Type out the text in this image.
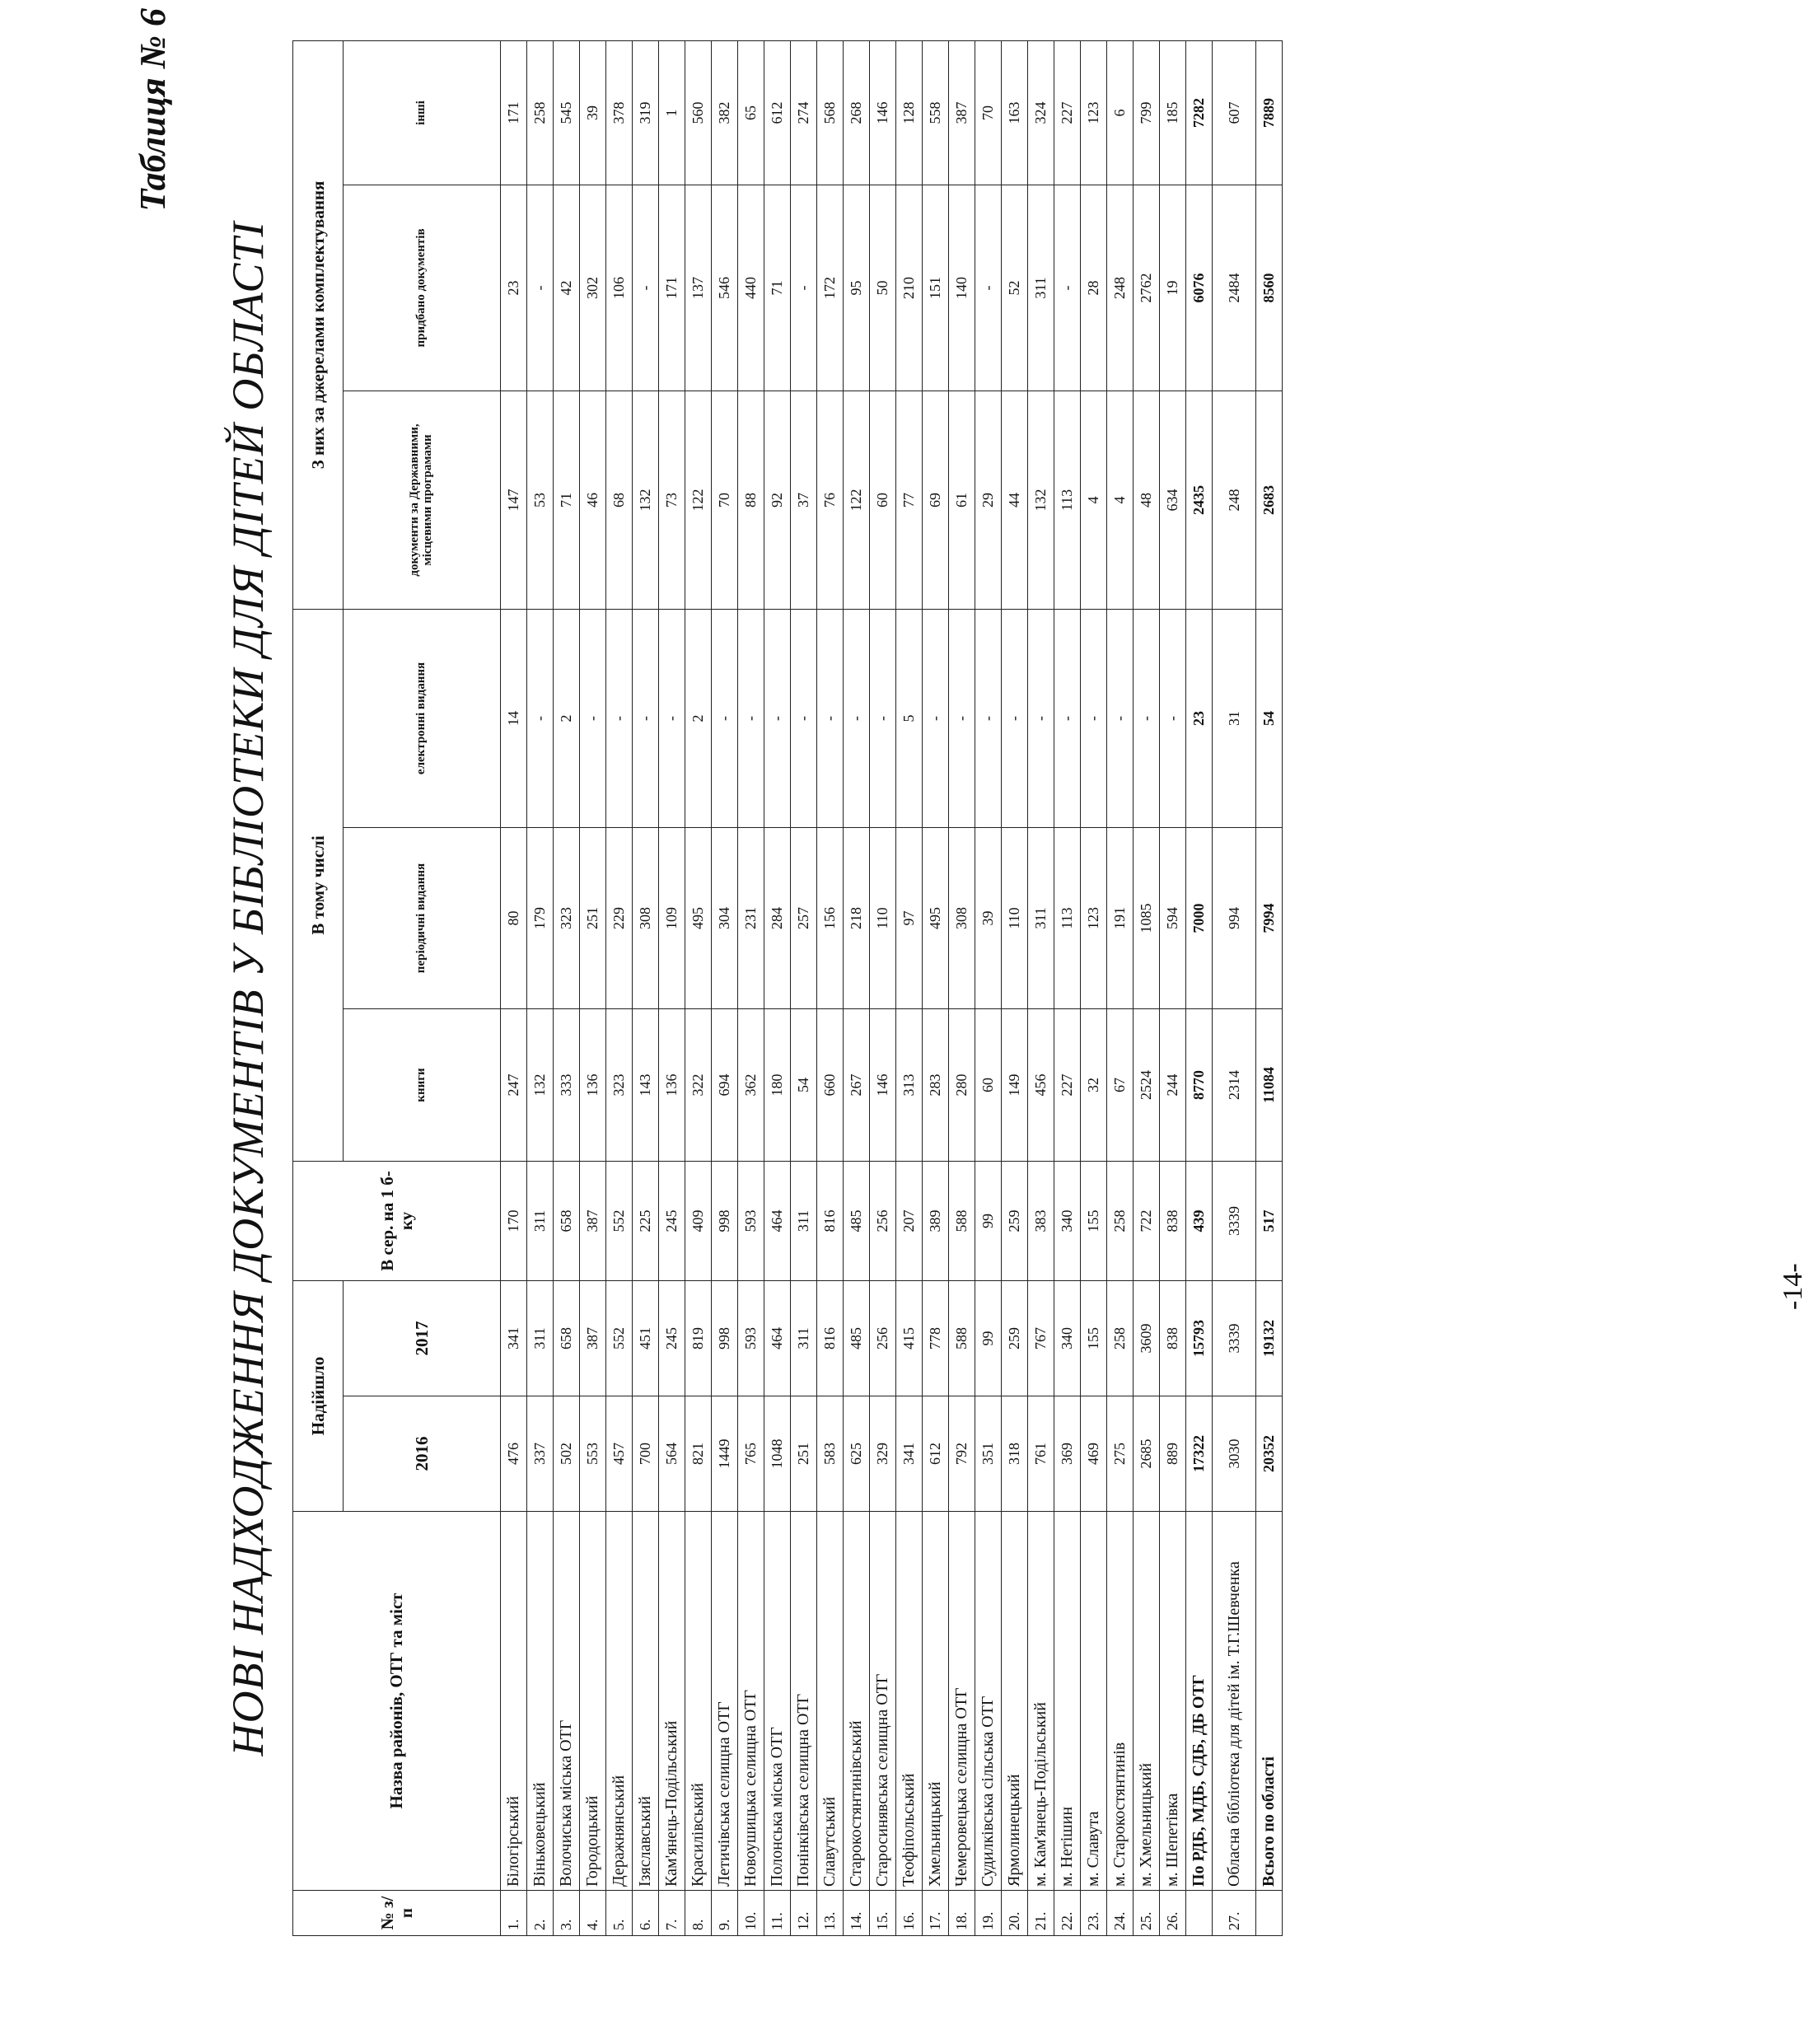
Таблиця № 6
НОВІ НАДХОДЖЕННЯ ДОКУМЕНТІВ У БІБЛІОТЕКИ ДЛЯ ДІТЕЙ ОБЛАСТІ
№ з/п	Назва районів, ОТГ та міст	Надійшло		В сер. на 1 б-ку	В тому числі			З них за джерелами комплектування		
		2016	2017		книги	періодичні видання	електронні видання	документи за Державними, місцевими програмами	придбано документів	інші
1.	Білогірський	476	341	170	247	80	14	147	23	171
2.	Віньковецький	337	311	311	132	179	-	53	-	258
3.	Волочиська міська ОТГ	502	658	658	333	323	2	71	42	545
4.	Городоцький	553	387	387	136	251	-	46	302	39
5.	Деражнянський	457	552	552	323	229	-	68	106	378
6.	Ізяславський	700	451	225	143	308	-	132	-	319
7.	Кам'янець-Подільський	564	245	245	136	109	-	73	171	1
8.	Красилівський	821	819	409	322	495	2	122	137	560
9.	Летичівська селищна ОТГ	1449	998	998	694	304	-	70	546	382
10.	Новоушицька селищна ОТГ	765	593	593	362	231	-	88	440	65
11.	Полонська міська ОТГ	1048	464	464	180	284	-	92	71	612
12.	Понінківська селищна ОТГ	251	311	311	54	257	-	37	-	274
13.	Славутський	583	816	816	660	156	-	76	172	568
14.	Старокостянтинівський	625	485	485	267	218	-	122	95	268
15.	Старосинявська селищна ОТГ	329	256	256	146	110	-	60	50	146
16.	Теофіпольський	341	415	207	313	97	5	77	210	128
17.	Хмельницький	612	778	389	283	495	-	69	151	558
18.	Чемеровецька селищна ОТГ	792	588	588	280	308	-	61	140	387
19.	Судилківська сільська ОТГ	351	99	99	60	39	-	29	-	70
20.	Ярмолинецький	318	259	259	149	110	-	44	52	163
21.	м. Кам'янець-Подільський	761	767	383	456	311	-	132	311	324
22.	м. Нетішин	369	340	340	227	113	-	113	-	227
23.	м. Славута	469	155	155	32	123	-	4	28	123
24.	м. Старокостянтинів	275	258	258	67	191	-	4	248	6
25.	м. Хмельницький	2685	3609	722	2524	1085	-	48	2762	799
26.	м. Шепетівка	889	838	838	244	594	-	634	19	185
	По РДБ, МДБ, СДБ, ДБ ОТГ	17322	15793	439	8770	7000	23	2435	6076	7282
27.	Обласна бібліотека для дітей ім. Т.Г.Шевченка	3030	3339	3339	2314	994	31	248	2484	607
	Всього по області	20352	19132	517	11084	7994	54	2683	8560	7889
-14-
